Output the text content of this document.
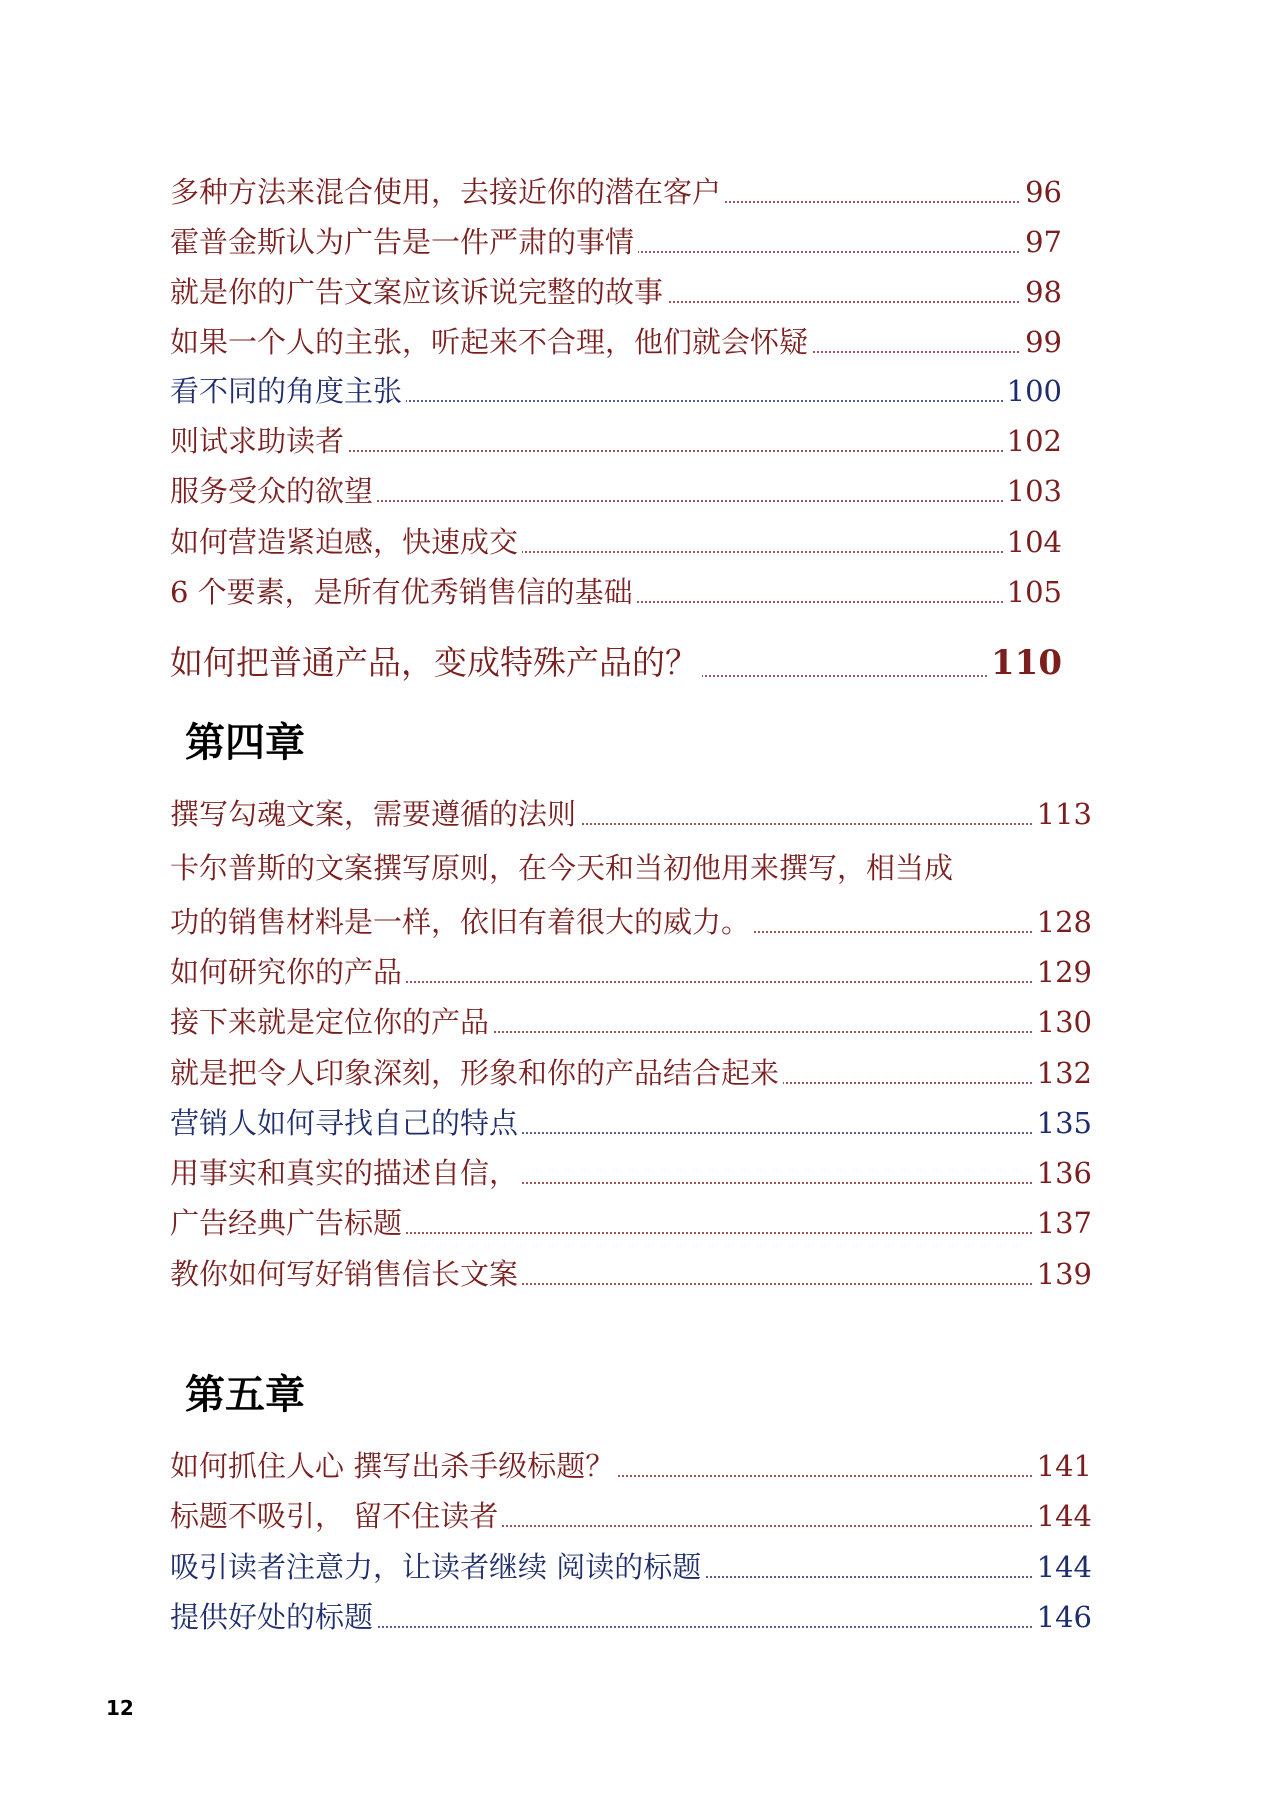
多种方法来混合使用，去接近你的潜在客户	96
霍普金斯认为广告是一件严肃的事情	97
就是你的广告文案应该诉说完整的故事	98
如果一个人的主张，听起来不合理，他们就会怀疑	99
看不同的角度主张	100
则试求助读者	102
服务受众的欲望	103
如何营造紧迫感，快速成交	104
6 个要素，是所有优秀销售信的基础	105
如何把普通产品，变成特殊产品的？	110
第四章
撰写勾魂文案，需要遵循的法则	113
卡尔普斯的文案撰写原则，在今天和当初他用来撰写，相当成
功的销售材料是一样，依旧有着很大的威力。	128
如何研究你的产品	129
接下来就是定位你的产品	130
就是把令人印象深刻，形象和你的产品结合起来	132
营销人如何寻找自己的特点	135
用事实和真实的描述自信，	136
广告经典广告标题	137
教你如何写好销售信长文案	139
第五章
如何抓住人心 撰写出杀手级标题？	141
标题不吸引， 留不住读者	144
吸引读者注意力，让读者继续 阅读的标题	144
提供好处的标题	146
12
